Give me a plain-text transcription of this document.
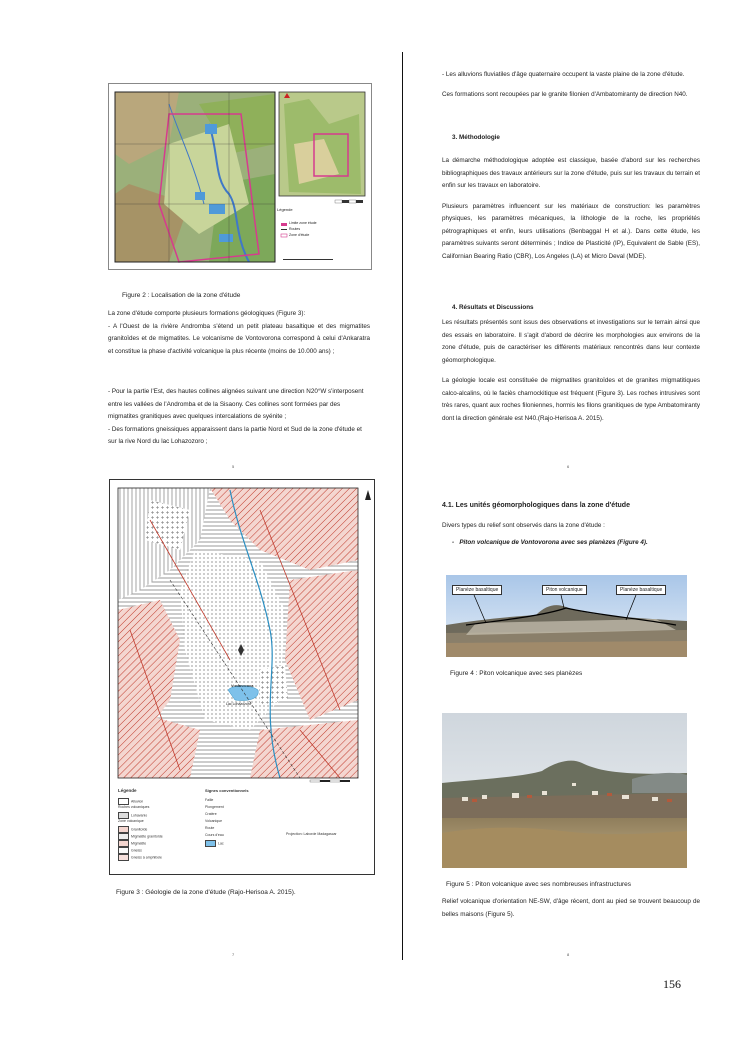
Légende
Limite zone étude
Routes
Zone d'étude
Figure 2 : Localisation de la zone d'étude

La zone d'étude comporte plusieurs formations géologiques (Figure 3):

- A l'Ouest de la rivière Andromba s'étend un petit plateau basaltique et des migmatites granitoïdes et de migmatites. Le volcanisme de Vontovorona correspond à celui d'Ankaratra et constitue la phase d'activité volcanique la plus récente (moins de 10.000 ans) ;

- Pour la partie l'Est, des hautes collines alignées suivant une direction N20°W s'interposent entre les vallées de l'Andromba et de la Sisaony. Ces collines sont formées par des migmatites granitiques avec quelques intercalations de syénite ;

- Des formations gneissiques apparaissent dans la partie Nord et Sud de la zone d'étude et sur la rive Nord du lac Lohazozoro ;

5
Vontovorona
Lac Lohazozoro
Légende
Alluvion
Roches volcaniques
Lohavanio
Zone volcanique
Granitoïde
Migmatite granitoïde
Migmatite
Gneiss
Gneiss à amphibole
Signes conventionnels
Faille
Plongement
Cratère
Volcanique
Route
Cours d'eau
Lac
Projection: Laborde Madagascar
Figure 3 : Géologie de la zone d'étude (Rajo-Herisoa A. 2015).
7

- Les alluvions fluviatiles d'âge quaternaire occupent la vaste plaine de la zone d'étude.

Ces formations sont recoupées par le granite filonien d'Ambatomiranty de direction N40.

3. Méthodologie

La démarche méthodologique adoptée est classique, basée d'abord sur les recherches bibliographiques des travaux antérieurs sur la zone d'étude, puis sur les travaux du terrain et enfin sur les travaux en laboratoire.

Plusieurs paramètres influencent sur les matériaux de construction: les paramètres physiques, les paramètres mécaniques, la lithologie de la roche, les propriétés pétrographiques et enfin, leurs utilisations (Benbaggal H et al.). Dans cette étude, les paramètres suivants seront déterminés ; Indice de Plasticité (IP), Equivalent de Sable (ES), Californian Bearing Ratio (CBR), Los Angeles (LA) et Micro Deval (MDE).

4. Résultats et Discussions

Les résultats présentés sont issus des observations et investigations sur le terrain ainsi que des essais en laboratoire. Il s'agit d'abord de décrire les morphologies aux environs de la zone d'étude, puis de caractériser les différents matériaux rencontrés dans leur contexte géomorphologique.

La géologie locale est constituée de migmatites granitoïdes et de granites migmatitiques calco-alcalins, où le faciès charnockitique est fréquent (Figure 3). Les roches intrusives sont très rares, quant aux roches filoniennes, hormis les filons granitiques de type Ambatomiranty dont la direction générale est N40.(Rajo-Herisoa A. 2015).

6
4.1. Les unités géomorphologiques dans la zone d'étude
Divers types du relief sont observés dans la zone d'étude :
-   Piton volcanique de Vontovorona avec ses planèzes (Figure 4).
Planèze basaltique	Piton volcanique	Planèze basaltique
Figure 4 : Piton volcanique avec ses planèzes
Figure 5 : Piton volcanique avec ses nombreuses infrastructures
Relief volcanique d'orientation NE-SW, d'âge récent, dont au pied se trouvent beaucoup de belles maisons (Figure 5).
8
156
